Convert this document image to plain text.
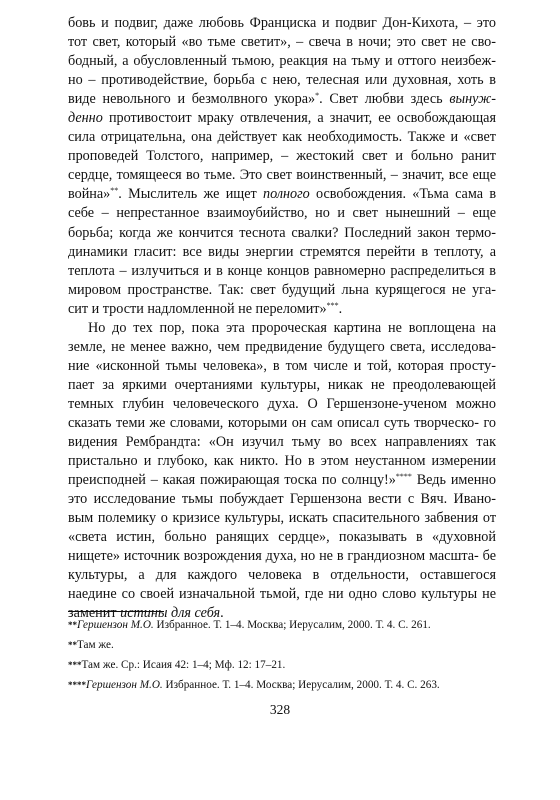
бовь и подвиг, даже любовь Франциска и подвиг Дон-Кихота, – это тот свет, который «во тьме светит», – свеча в ночи; это свет не сво- бодный, а обусловленный тьмою, реакция на тьму и оттого неизбеж- но – противодействие, борьба с нею, телесная или духовная, хоть в виде невольного и безмолвного укора»*. Свет любви здесь вынуж- денно противостоит мраку отвлечения, а значит, ее освобождающая сила отрицательна, она действует как необходимость. Также и «свет проповедей Толстого, например, – жестокий свет и больно ранит сердце, томящееся во тьме. Это свет воинственный, – значит, все еще война»**. Мыслитель же ищет полного освобождения. «Тьма сама в себе – непрестанное взаимоубийство, но и свет нынешний – еще борьба; когда же кончится теснота свалки? Последний закон термо- динамики гласит: все виды энергии стремятся перейти в теплоту, а теплота – излучиться и в конце концов равномерно распределиться в мировом пространстве. Так: свет будущий льна курящегося не уга- сит и трости надломленной не переломит»***.

Но до тех пор, пока эта пророческая картина не воплощена на земле, не менее важно, чем предвидение будущего света, исследова- ние «исконной тьмы человека», в том числе и той, которая просту- пает за яркими очертаниями культуры, никак не преодолевающей темных глубин человеческого духа. О Гершензоне-ученом можно сказать теми же словами, которыми он сам описал суть творческо- го видения Рембрандта: «Он изучил тьму во всех направлениях так пристально и глубоко, как никто. Но в этом неустанном измерении преисподней – какая пожирающая тоска по солнцу!»**** Ведь именно это исследование тьмы побуждает Гершензона вести с Вяч. Ивано- вым полемику о кризисе культуры, искать спасительного забвения от «света истин, больно ранящих сердце», показывать в «духовной нищете» источник возрождения духа, но не в грандиозном масшта- бе культуры, а для каждого человека в отдельности, оставшегося наедине со своей изначальной тьмой, где ни одно слово культуры не заменит истины для себя.

**Гершензон М.О. Избранное. Т. 1–4. Москва; Иерусалим, 2000. Т. 4. С. 261.
**Там же.
***Там же. Ср.: Исаия 42: 1–4; Мф. 12: 17–21.
****Гершензон М.О. Избранное. Т. 1–4. Москва; Иерусалим, 2000. Т. 4. С. 263.
328
